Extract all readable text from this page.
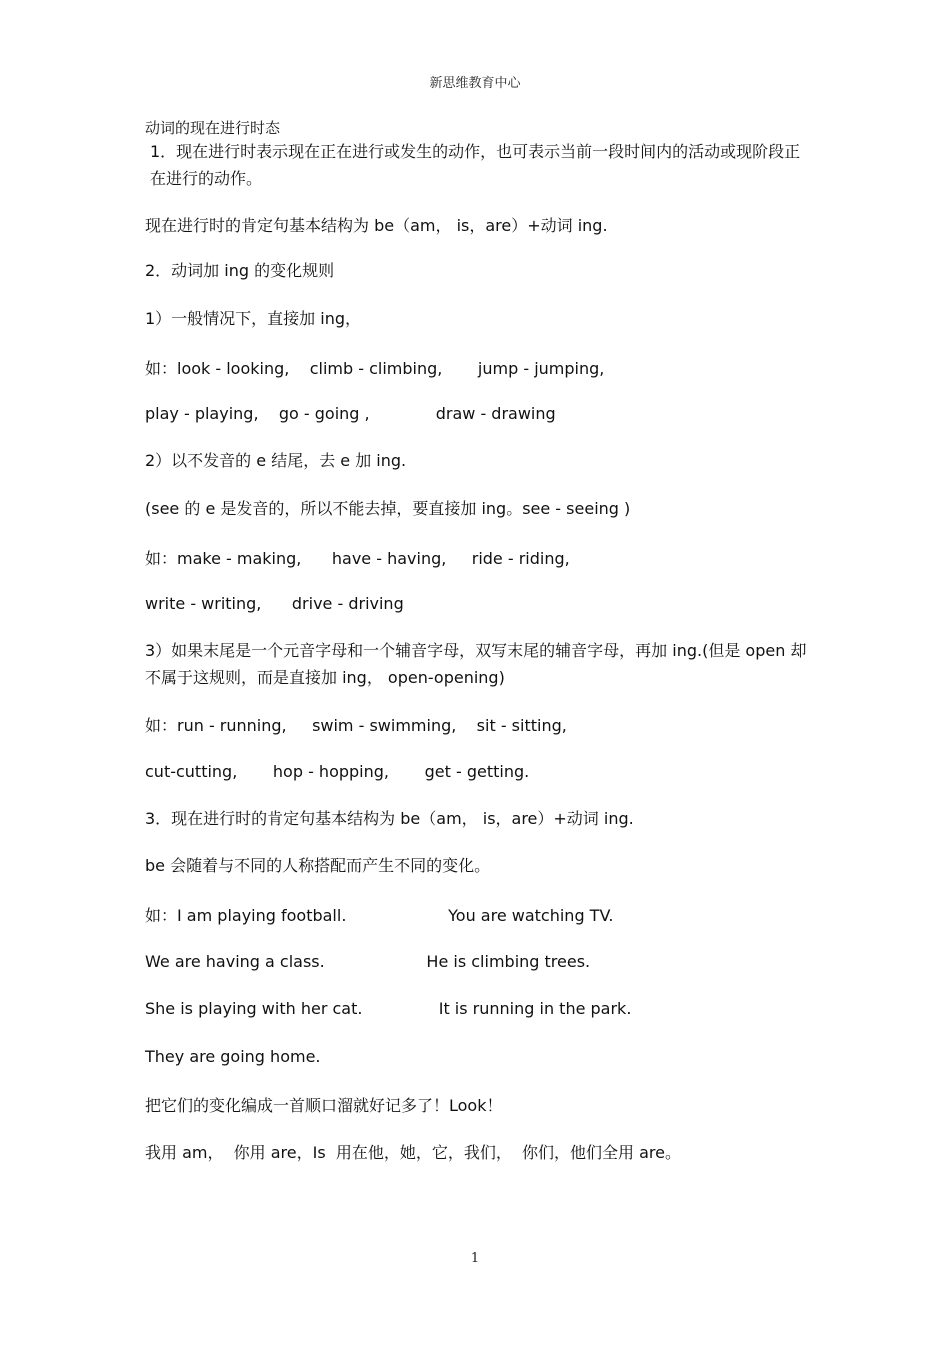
新思维教育中心
动词的现在进行时态
1．现在进行时表示现在正在进行或发生的动作，也可表示当前一段时间内的活动或现阶段正在进行的动作。
现在进行时的肯定句基本结构为 be（am， is，are）+动词 ing.
2．动词加 ing 的变化规则
1）一般情况下，直接加 ing，
如：look - looking,    climb - climbing,       jump - jumping,
play - playing,    go - going ,             draw - drawing
2）以不发音的 e 结尾，去 e 加 ing.
(see 的 e 是发音的，所以不能去掉，要直接加 ing。see - seeing )
如：make - making,      have - having,     ride - riding,
write - writing,      drive - driving
3）如果末尾是一个元音字母和一个辅音字母，双写末尾的辅音字母，再加 ing.(但是 open 却不属于这规则，而是直接加 ing， open-opening)
如：run - running,     swim - swimming,    sit - sitting,
cut-cutting,       hop - hopping,       get - getting.
3．现在进行时的肯定句基本结构为 be（am， is，are）+动词 ing.
be 会随着与不同的人称搭配而产生不同的变化。
如：I am playing football.                    You are watching TV.
We are having a class.                    He is climbing trees.
She is playing with her cat.               It is running in the park.
They are going home.
把它们的变化编成一首顺口溜就好记多了！Look！
我用 am，  你用 are，Is  用在他，她，它，我们，  你们，他们全用 are。
1
